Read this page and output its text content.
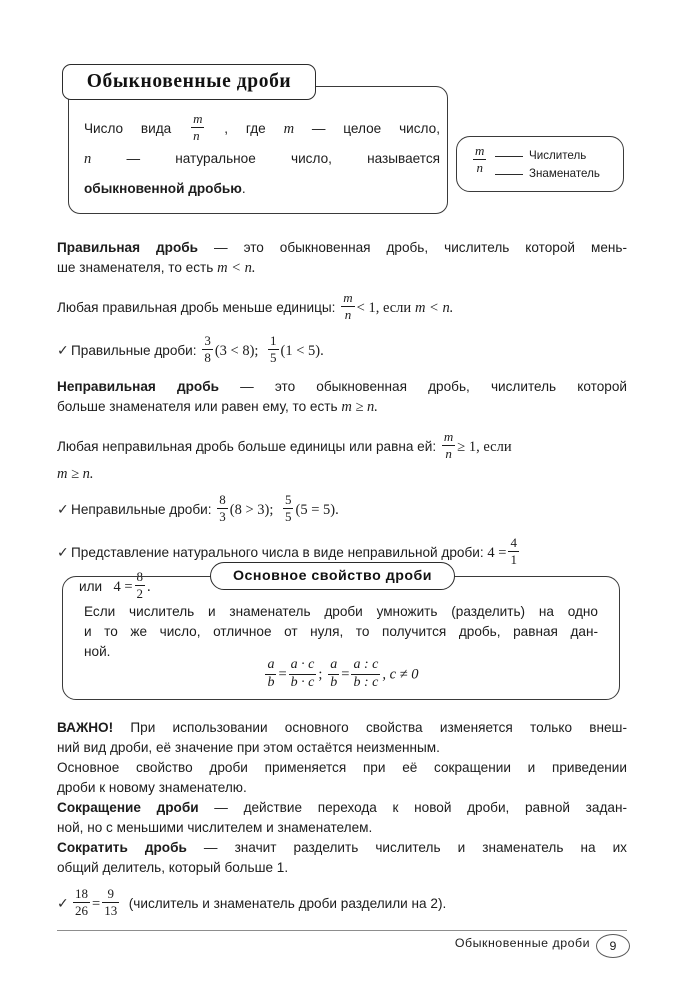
Обыкновенные дроби
Число вида $\frac{m}{n}$ , где m — целое число,
n	— натуральное число, называется
обыкновенной дробью.
$\frac{m}{n}$	Числитель
Знаменатель

Правильная дробь — это обыкновенная дробь, числитель которой мень-
ше знаменателя, то есть m < n.

Любая правильная дробь меньше единицы: $\frac{m}{n} < 1$, если m < n.

✓ Правильные дроби: $\frac{3}{8} (3 < 8)$; $\frac{1}{5} (1 < 5)$.

Неправильная дробь — это обыкновенная дробь, числитель которой
больше знаменателя или равен ему, то есть m ≥ n.

Любая неправильная дробь больше единицы или равна ей: $\frac{m}{n} \ge 1$, если

m ≥ n.

✓ Неправильные дроби: $\frac{8}{3} (8 > 3)$; $\frac{5}{5} (5 = 5)$.

✓ Представление натурального числа в виде неправильной дроби: $4 = \frac{4}{1}$

или $4 = \frac{8}{2}$ .

Основное свойство дроби
Если числитель и знаменатель дроби умножить (разделить) на одно
и то же число, отличное от нуля, то получится дробь, равная дан-
ной.
$\frac{a}{b} = \frac{a \cdot c}{b \cdot c}$ ; $\frac{a}{b} = \frac{a : c}{b : c}$ , c ≠ 0

ВАЖНО! При использовании основного свойства изменяется только внеш-
ний вид дроби, её значение при этом остаётся неизменным.

Основное свойство дроби применяется при её сокращении и приведении
дроби к новому знаменателю.

Сокращение дроби — действие перехода к новой дроби, равной задан-
ной, но с меньшими числителем и знаменателем.

Сократить дробь — значит разделить числитель и знаменатель на их
общий делитель, который больше 1.

✓ $\frac{18}{26} = \frac{9}{13}$ (числитель и знаменатель дроби разделили на 2).

Обыкновенные дроби 9
